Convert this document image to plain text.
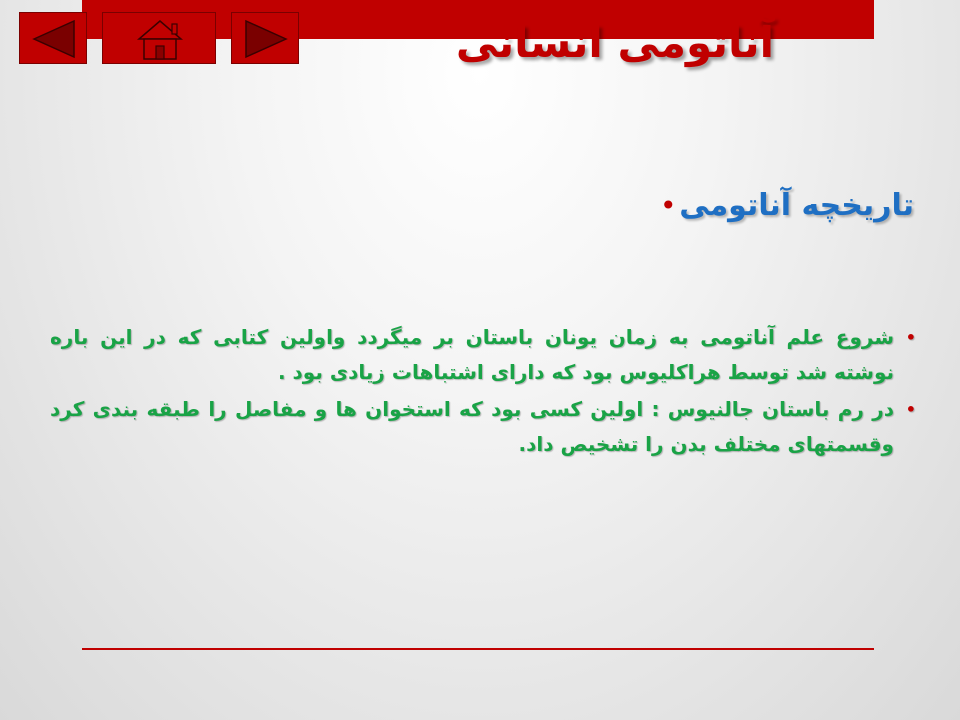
آناتومی انسانی
• تاریخچه آناتومی
•
شروع علم آناتومی به زمان یونان باستان بر میگردد واولین کتابی که در این باره نوشته شد توسط هراکلیوس بود که دارای اشتباهات زیادی بود .
•
در رم باستان جالنیوس : اولین کسی بود که استخوان ها و مفاصل را طبقه بندی کرد وقسمتهای مختلف بدن را تشخیص داد.
